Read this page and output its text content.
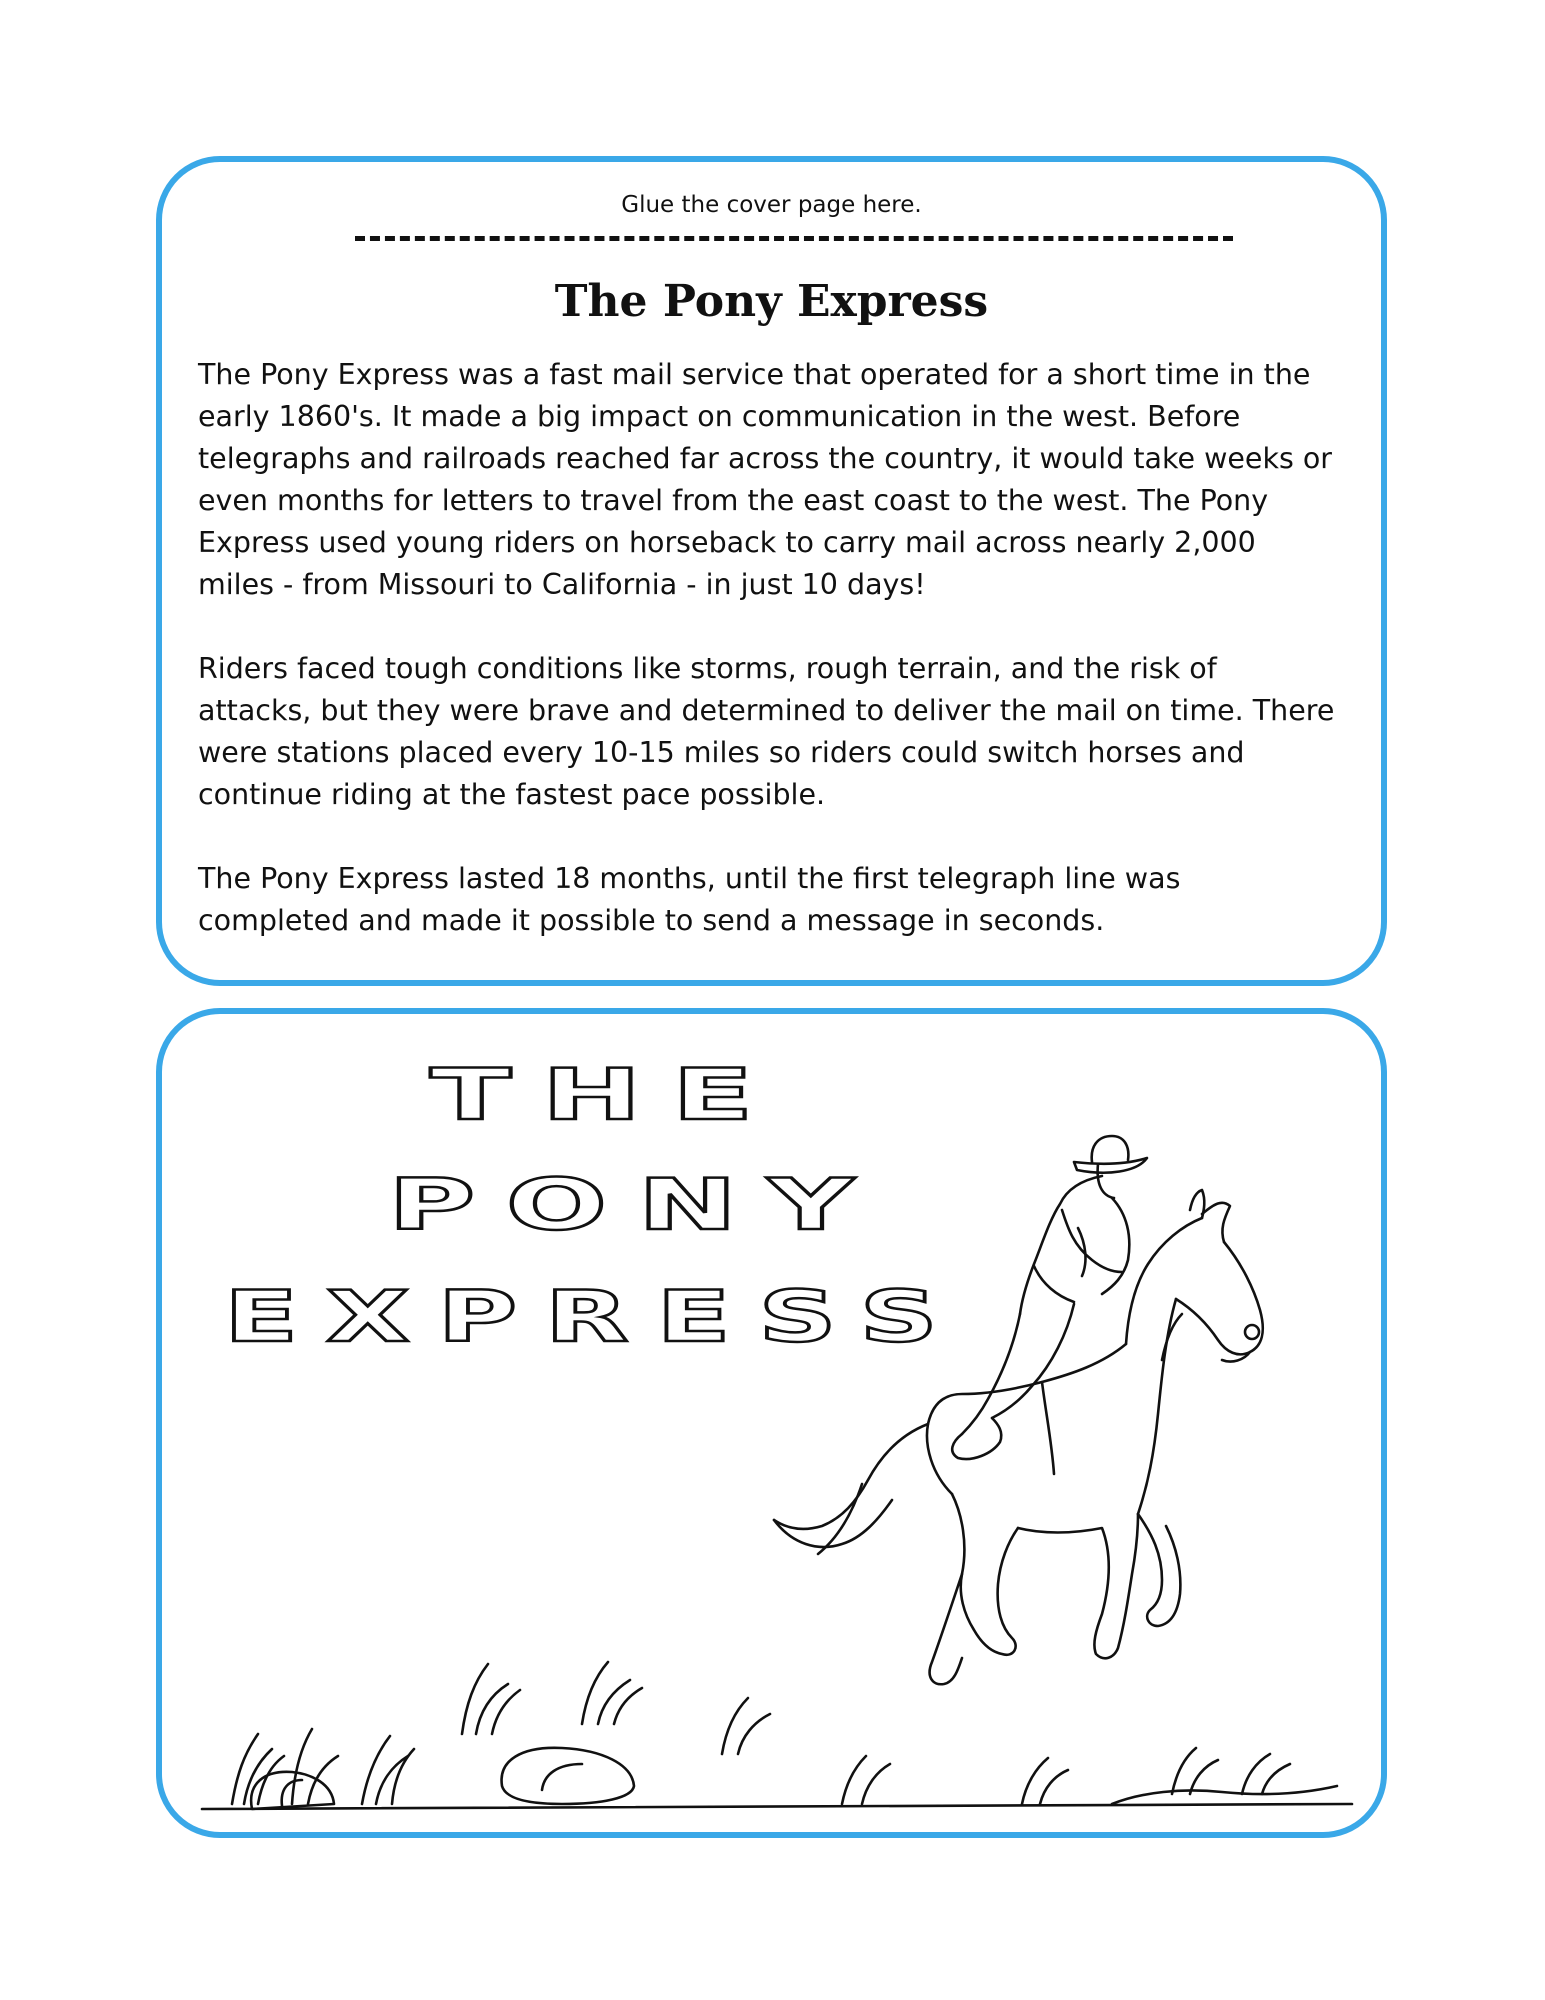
Glue the cover page here.
The Pony Express

The Pony Express was a fast mail service that operated for a short time in the early 1860's. It made a big impact on communication in the west. Before telegraphs and railroads reached far across the country, it would take weeks or even months for letters to travel from the east coast to the west. The Pony Express used young riders on horseback to carry mail across nearly 2,000 miles - from Missouri to California - in just 10 days!

Riders faced tough conditions like storms, rough terrain, and the risk of attacks, but they were brave and determined to deliver the mail on time. There were stations placed every 10-15 miles so riders could switch horses and continue riding at the fastest pace possible.

The Pony Express lasted 18 months, until the first telegraph line was completed and made it possible to send a message in seconds.

THE
PONY
EXPRESS
